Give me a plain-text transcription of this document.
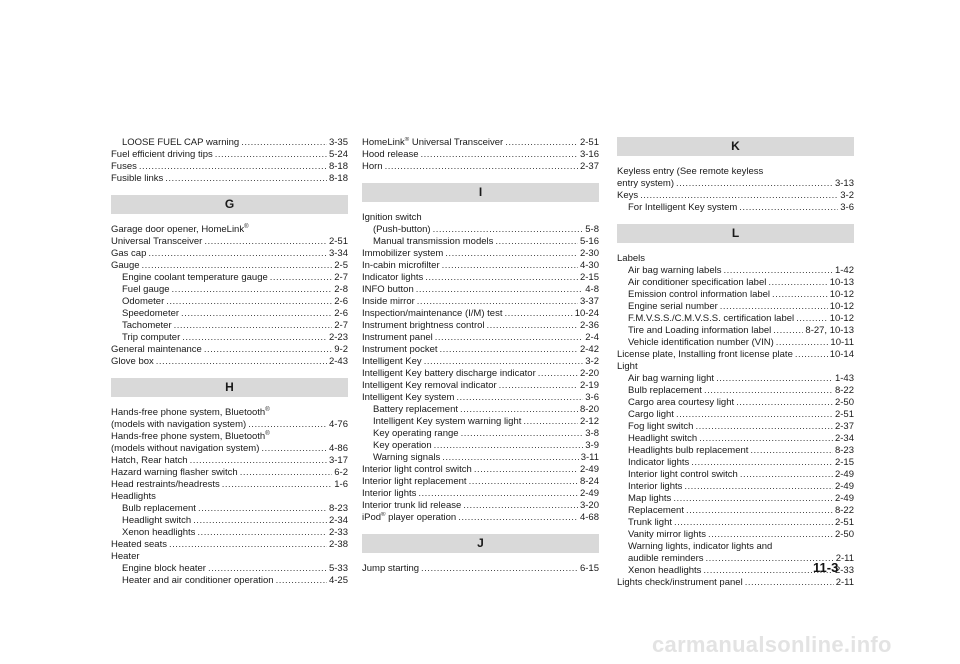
LOOSE FUEL CAP warning .....	3-35
Fuel efficient driving tips .....	5-24
Fuses .....	8-18
Fusible links .....	8-18
G
Garage door opener, HomeLink®
Universal Transceiver .....	2-51
Gas cap .....	3-34
Gauge .....	2-5
Engine coolant temperature gauge .....	2-7
Fuel gauge .....	2-8
Odometer .....	2-6
Speedometer .....	2-6
Tachometer .....	2-7
Trip computer .....	2-23
General maintenance .....	9-2
Glove box .....	2-43
H
Hands-free phone system, Bluetooth®
(models with navigation system) .....	4-76
Hands-free phone system, Bluetooth®
(models without navigation system) .....	4-86
Hatch, Rear hatch .....	3-17
Hazard warning flasher switch .....	6-2
Head restraints/headrests .....	1-6
Headlights
Bulb replacement .....	8-23
Headlight switch .....	2-34
Xenon headlights .....	2-33
Heated seats .....	2-38
Heater
Engine block heater .....	5-33
Heater and air conditioner operation .....	4-25
HomeLink® Universal Transceiver .....	2-51
Hood release .....	3-16
Horn .....	2-37
I
Ignition switch
(Push-button) .....	5-8
Manual transmission models .....	5-16
Immobilizer system .....	2-30
In-cabin microfilter .....	4-30
Indicator lights .....	2-15
INFO button .....	4-8
Inside mirror .....	3-37
Inspection/maintenance (I/M) test .....	10-24
Instrument brightness control .....	2-36
Instrument panel .....	2-4
Instrument pocket .....	2-42
Intelligent Key .....	3-2
Intelligent Key battery discharge indicator .....	2-20
Intelligent Key removal indicator .....	2-19
Intelligent Key system .....	3-6
Battery replacement .....	8-20
Intelligent Key system warning light .....	2-12
Key operating range .....	3-8
Key operation .....	3-9
Warning signals .....	3-11
Interior light control switch .....	2-49
Interior light replacement .....	8-24
Interior lights .....	2-49
Interior trunk lid release .....	3-20
iPod® player operation .....	4-68
J
Jump starting .....	6-15
K
Keyless entry (See remote keyless
entry system) .....	3-13
Keys .....	3-2
For Intelligent Key system .....	3-6
L
Labels
Air bag warning labels .....	1-42
Air conditioner specification label .....	10-13
Emission control information label .....	10-12
Engine serial number .....	10-12
F.M.V.S.S./C.M.V.S.S. certification label .....	10-12
Tire and Loading information label .....	8-27, 10-13
Vehicle identification number (VIN) .....	10-11
License plate, Installing front license plate .....	10-14
Light
Air bag warning light .....	1-43
Bulb replacement .....	8-22
Cargo area courtesy light .....	2-50
Cargo light .....	2-51
Fog light switch .....	2-37
Headlight switch .....	2-34
Headlights bulb replacement .....	8-23
Indicator lights .....	2-15
Interior light control switch .....	2-49
Interior lights .....	2-49
Map lights .....	2-49
Replacement .....	8-22
Trunk light .....	2-51
Vanity mirror lights .....	2-50
Warning lights, indicator lights and
audible reminders .....	2-11
Xenon headlights .....	2-33
Lights check/instrument panel .....	2-11
11-3
carmanualsonline.info
